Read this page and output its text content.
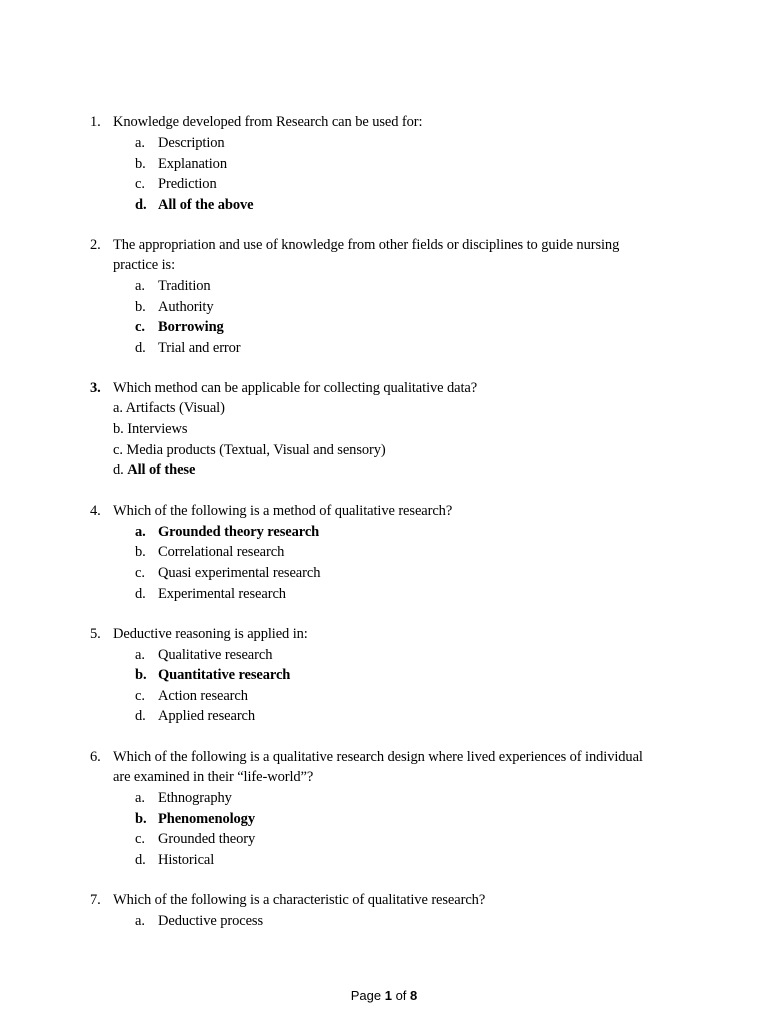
1. Knowledge developed from Research can be used for:
a. Description
b. Explanation
c. Prediction
d. All of the above
2. The appropriation and use of knowledge from other fields or disciplines to guide nursing
practice is:
a. Tradition
b. Authority
c. Borrowing
d. Trial and error
3. Which method can be applicable for collecting qualitative data?
a. Artifacts (Visual)
b. Interviews
c. Media products (Textual, Visual and sensory)
d. All of these
4. Which of the following is a method of qualitative research?
a. Grounded theory research
b. Correlational research
c. Quasi experimental research
d. Experimental research
5. Deductive reasoning is applied in:
a. Qualitative research
b. Quantitative research
c. Action research
d. Applied research
6. Which of the following is a qualitative research design where lived experiences of individual
are examined in their “life-world”?
a. Ethnography
b. Phenomenology
c. Grounded theory
d. Historical
7. Which of the following is a characteristic of qualitative research?
a. Deductive process
Page 1 of 8
